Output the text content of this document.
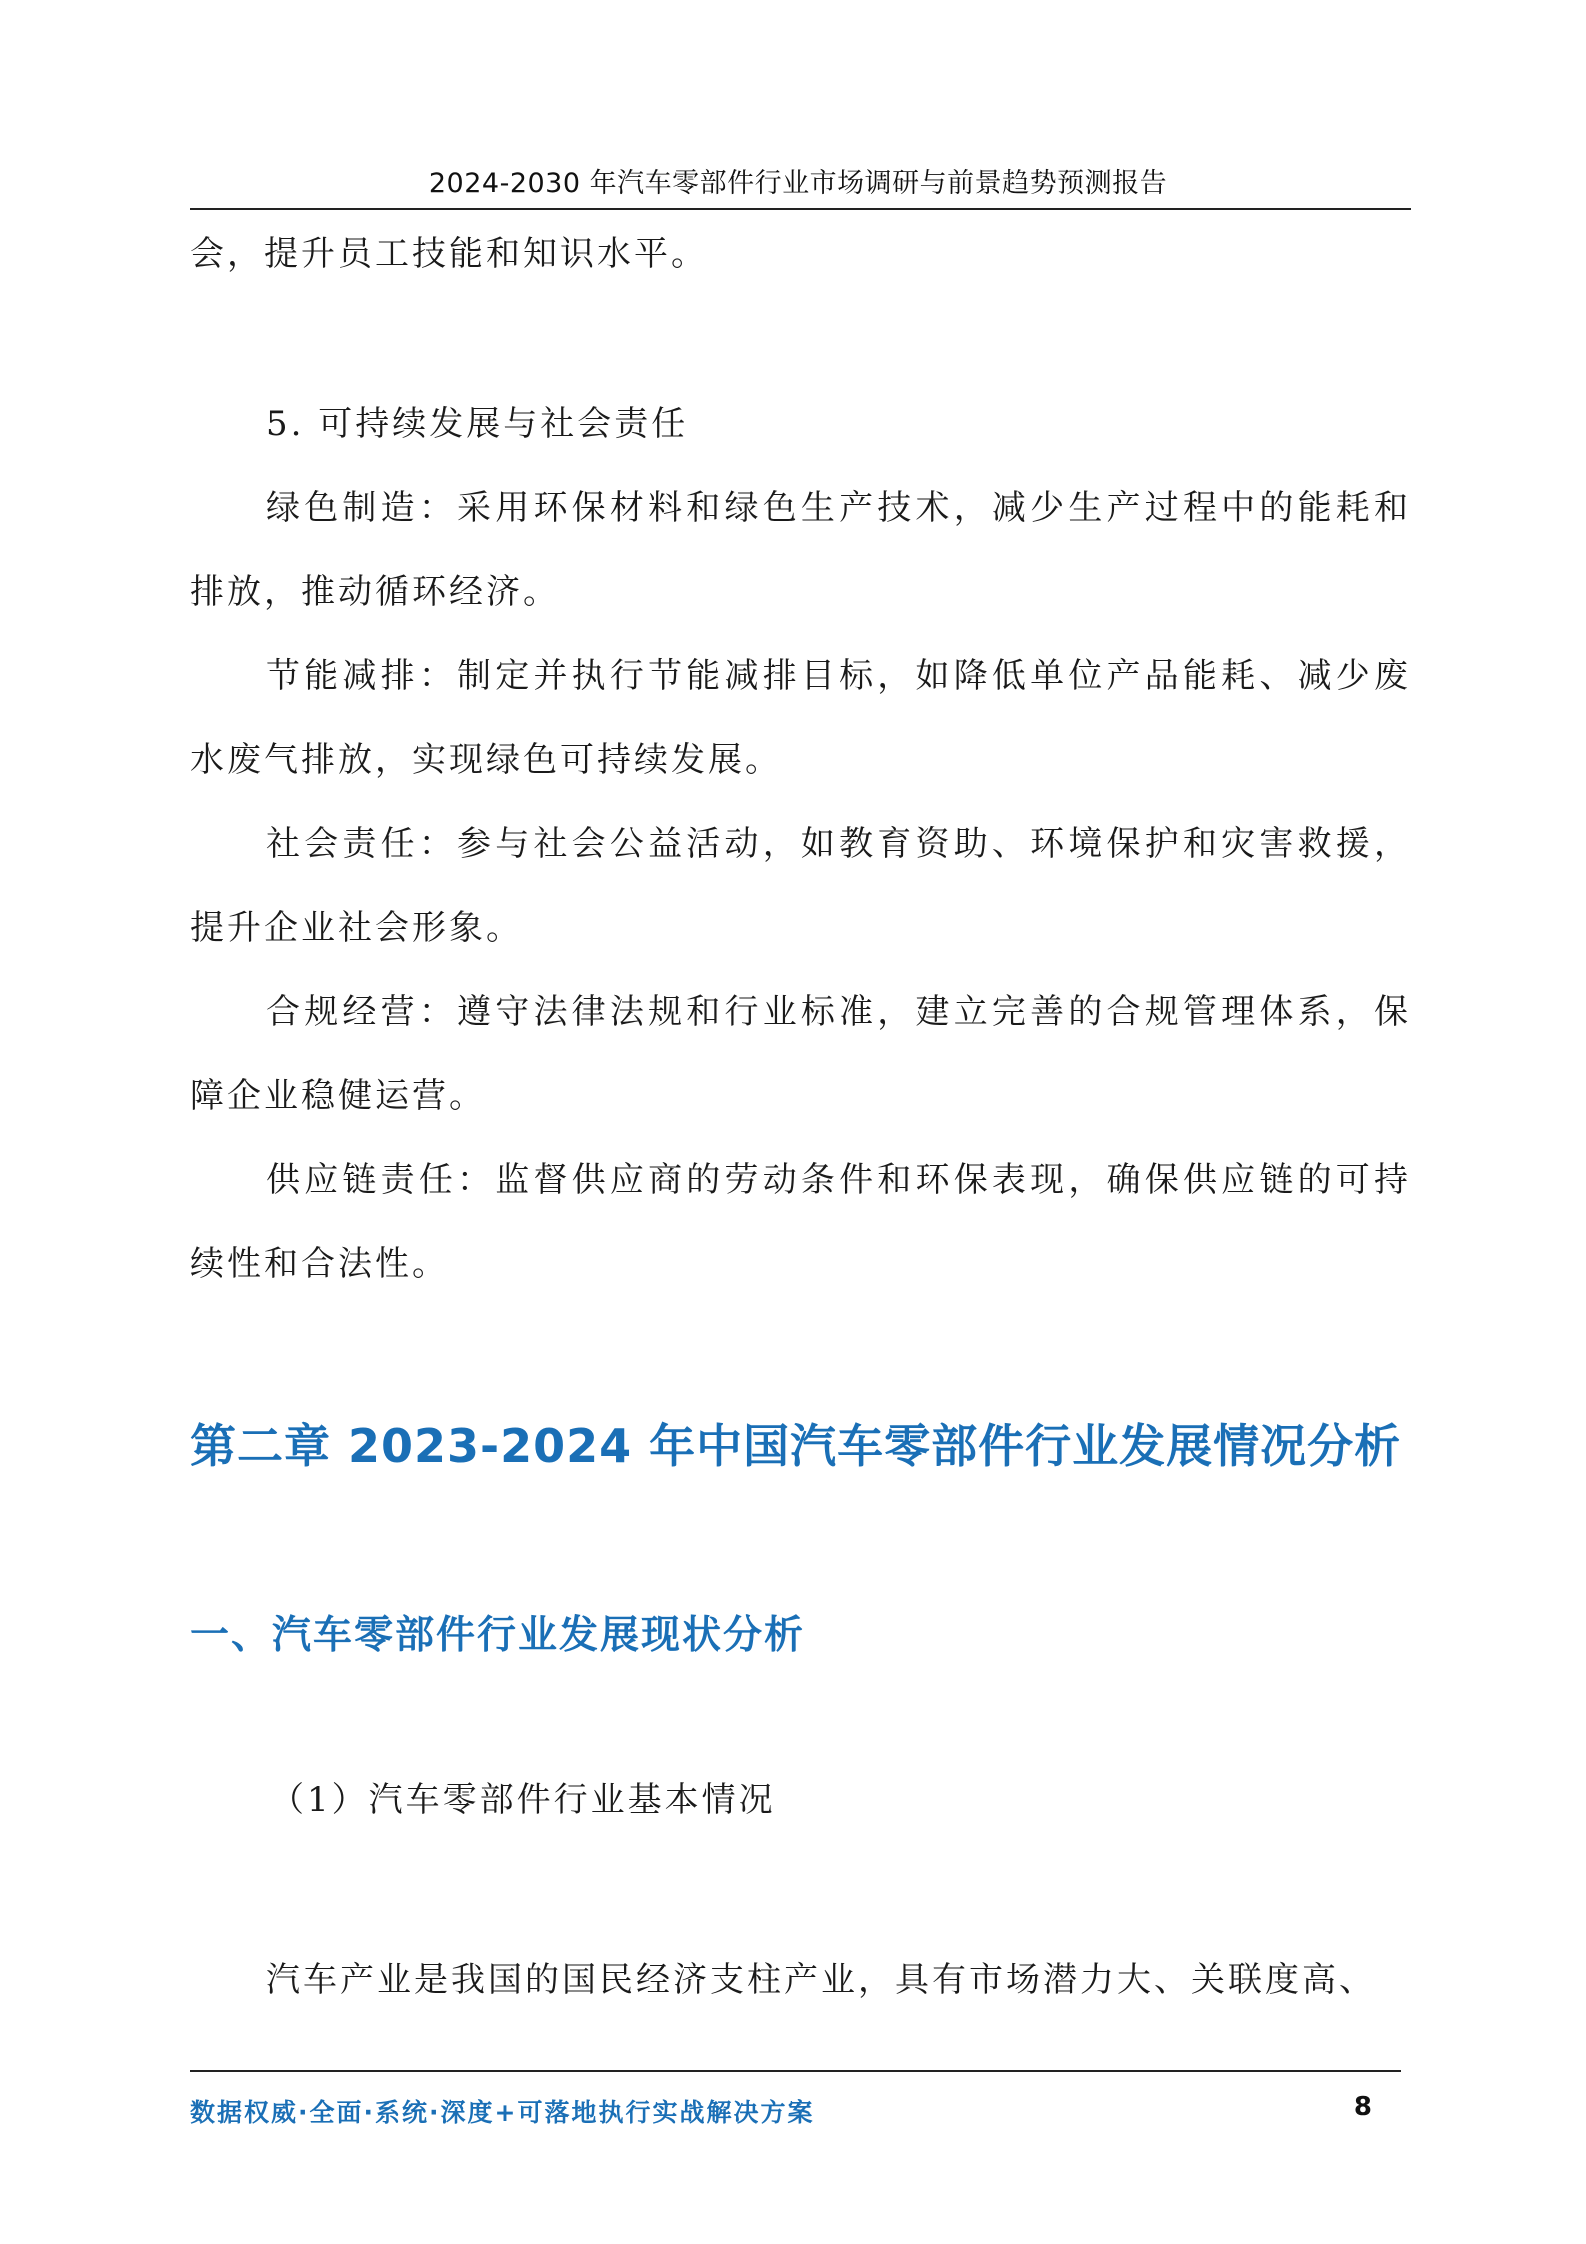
2024-2030 年汽车零部件行业市场调研与前景趋势预测报告

会，提升员工技能和知识水平。

5. 可持续发展与社会责任

绿色制造：采用环保材料和绿色生产技术，减少生产过程中的能耗和排放，推动循环经济。

节能减排：制定并执行节能减排目标，如降低单位产品能耗、减少废水废气排放，实现绿色可持续发展。

社会责任：参与社会公益活动，如教育资助、环境保护和灾害救援，提升企业社会形象。

合规经营：遵守法律法规和行业标准，建立完善的合规管理体系，保障企业稳健运营。

供应链责任：监督供应商的劳动条件和环保表现，确保供应链的可持续性和合法性。

第二章 2023-2024 年中国汽车零部件行业发展情况分析
一、汽车零部件行业发展现状分析
（1）汽车零部件行业基本情况

汽车产业是我国的国民经济支柱产业，具有市场潜力大、关联度高、

数据权威·全面·系统·深度+可落地执行实战解决方案	8
